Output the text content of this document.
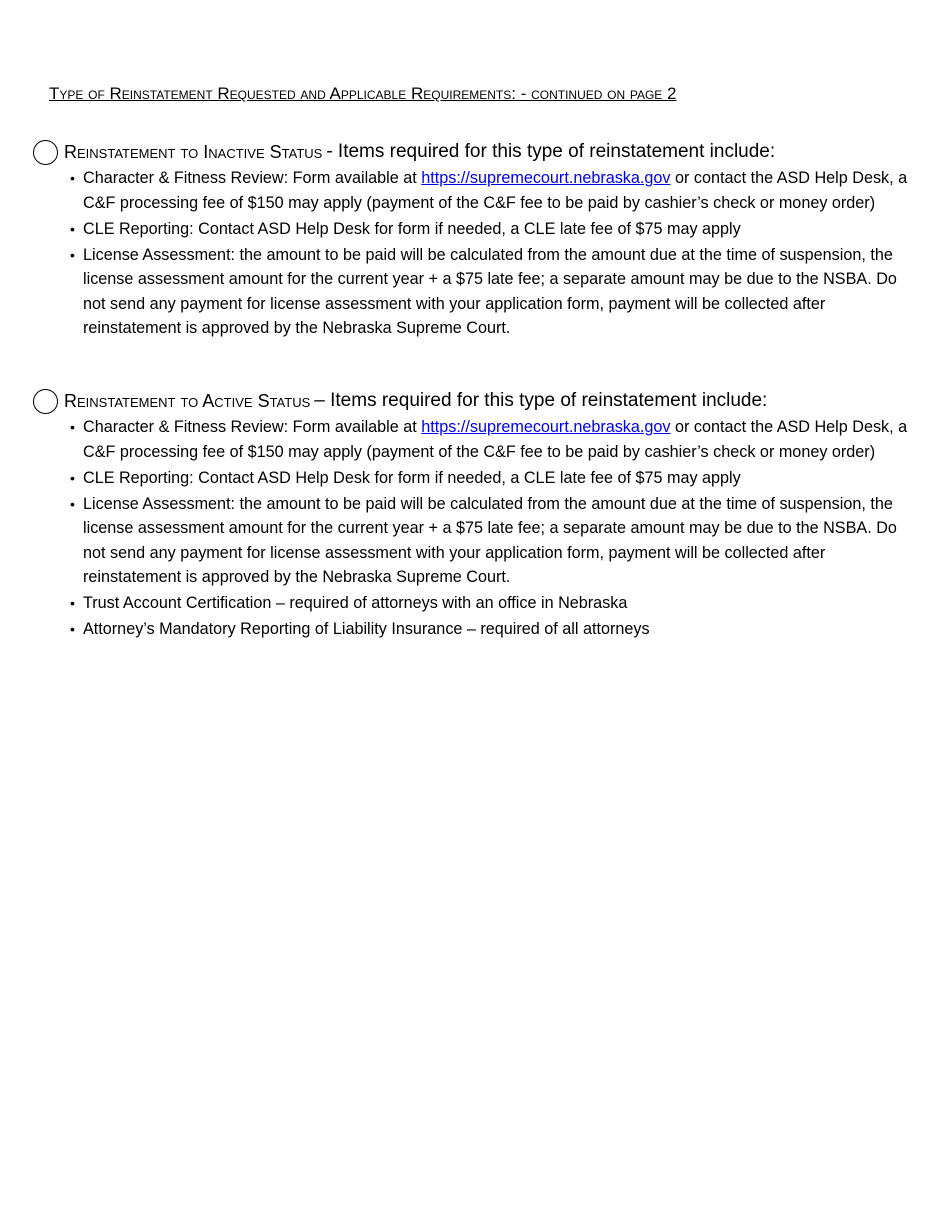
Type of Reinstatement Requested and Applicable Requirements: - continued on page 2
Reinstatement to Inactive Status - Items required for this type of reinstatement include:
• Character & Fitness Review: Form available at https://supremecourt.nebraska.gov or contact the ASD Help Desk, a C&F processing fee of $150 may apply (payment of the C&F fee to be paid by cashier’s check or money order)
• CLE Reporting: Contact ASD Help Desk for form if needed, a CLE late fee of $75 may apply
• License Assessment: the amount to be paid will be calculated from the amount due at the time of suspension, the license assessment amount for the current year + a $75 late fee; a separate amount may be due to the NSBA. Do not send any payment for license assessment with your application form, payment will be collected after reinstatement is approved by the Nebraska Supreme Court.
Reinstatement to Active Status – Items required for this type of reinstatement include:
• Character & Fitness Review: Form available at https://supremecourt.nebraska.gov or contact the ASD Help Desk, a C&F processing fee of $150 may apply (payment of the C&F fee to be paid by cashier’s check or money order)
• CLE Reporting: Contact ASD Help Desk for form if needed, a CLE late fee of $75 may apply
• License Assessment: the amount to be paid will be calculated from the amount due at the time of suspension, the license assessment amount for the current year + a $75 late fee; a separate amount may be due to the NSBA. Do not send any payment for license assessment with your application form, payment will be collected after reinstatement is approved by the Nebraska Supreme Court.
• Trust Account Certification – required of attorneys with an office in Nebraska
• Attorney’s Mandatory Reporting of Liability Insurance – required of all attorneys
